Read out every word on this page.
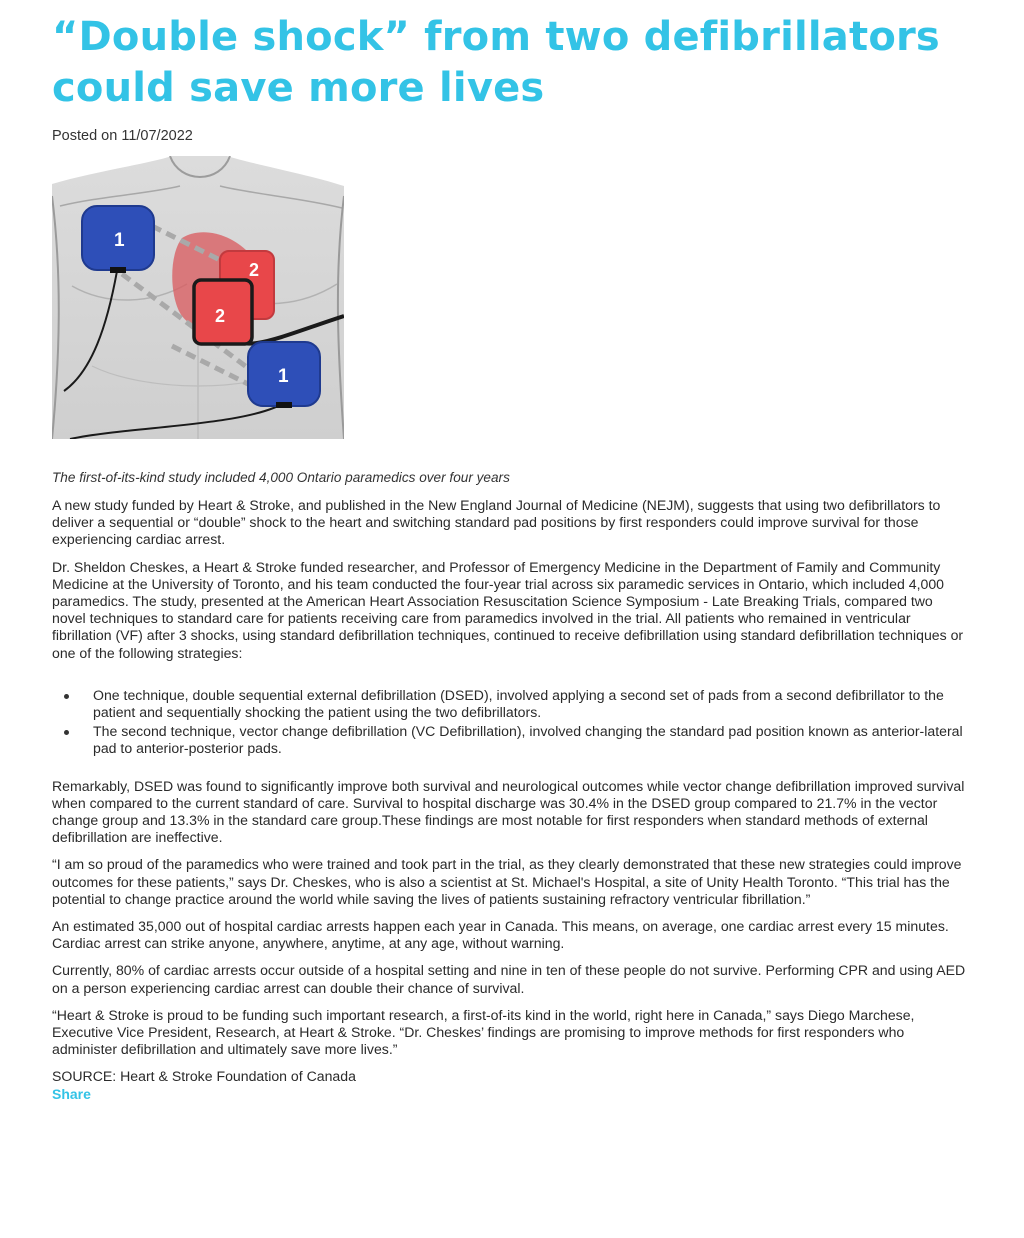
“Double shock” from two defibrillators could save more lives
Posted on 11/07/2022
1
2
2
1
The first-of-its-kind study included 4,000 Ontario paramedics over four years

A new study funded by Heart & Stroke, and published in the New England Journal of Medicine (NEJM), suggests that using two defibrillators to deliver a sequential or “double” shock to the heart and switching standard pad positions by first responders could improve survival for those experiencing cardiac arrest.

Dr. Sheldon Cheskes, a Heart & Stroke funded researcher, and Professor of Emergency Medicine in the Department of Family and Community Medicine at the University of Toronto, and his team conducted the four-year trial across six paramedic services in Ontario, which included 4,000 paramedics. The study, presented at the American Heart Association Resuscitation Science Symposium - Late Breaking Trials, compared two novel techniques to standard care for patients receiving care from paramedics involved in the trial. All patients who remained in ventricular fibrillation (VF) after 3 shocks, using standard defibrillation techniques, continued to receive defibrillation using standard defibrillation techniques or one of the following strategies:

One technique, double sequential external defibrillation (DSED), involved applying a second set of pads from a second defibrillator to the patient and sequentially shocking the patient using the two defibrillators.
The second technique, vector change defibrillation (VC Defibrillation), involved changing the standard pad position known as anterior-lateral pad to anterior-posterior pads.

Remarkably, DSED was found to significantly improve both survival and neurological outcomes while vector change defibrillation improved survival when compared to the current standard of care. Survival to hospital discharge was 30.4% in the DSED group compared to 21.7% in the vector change group and 13.3% in the standard care group.These findings are most notable for first responders when standard methods of external defibrillation are ineffective.

“I am so proud of the paramedics who were trained and took part in the trial, as they clearly demonstrated that these new strategies could improve outcomes for these patients,” says Dr. Cheskes, who is also a scientist at St. Michael's Hospital, a site of Unity Health Toronto. “This trial has the potential to change practice around the world while saving the lives of patients sustaining refractory ventricular fibrillation.”

An estimated 35,000 out of hospital cardiac arrests happen each year in Canada. This means, on average, one cardiac arrest every 15 minutes. Cardiac arrest can strike anyone, anywhere, anytime, at any age, without warning.

Currently, 80% of cardiac arrests occur outside of a hospital setting and nine in ten of these people do not survive. Performing CPR and using AED on a person experiencing cardiac arrest can double their chance of survival.

“Heart & Stroke is proud to be funding such important research, a first-of-its kind in the world, right here in Canada,” says Diego Marchese, Executive Vice President, Research, at Heart & Stroke. “Dr. Cheskes’ findings are promising to improve methods for first responders who administer defibrillation and ultimately save more lives.”

SOURCE: Heart & Stroke Foundation of Canada

Share
